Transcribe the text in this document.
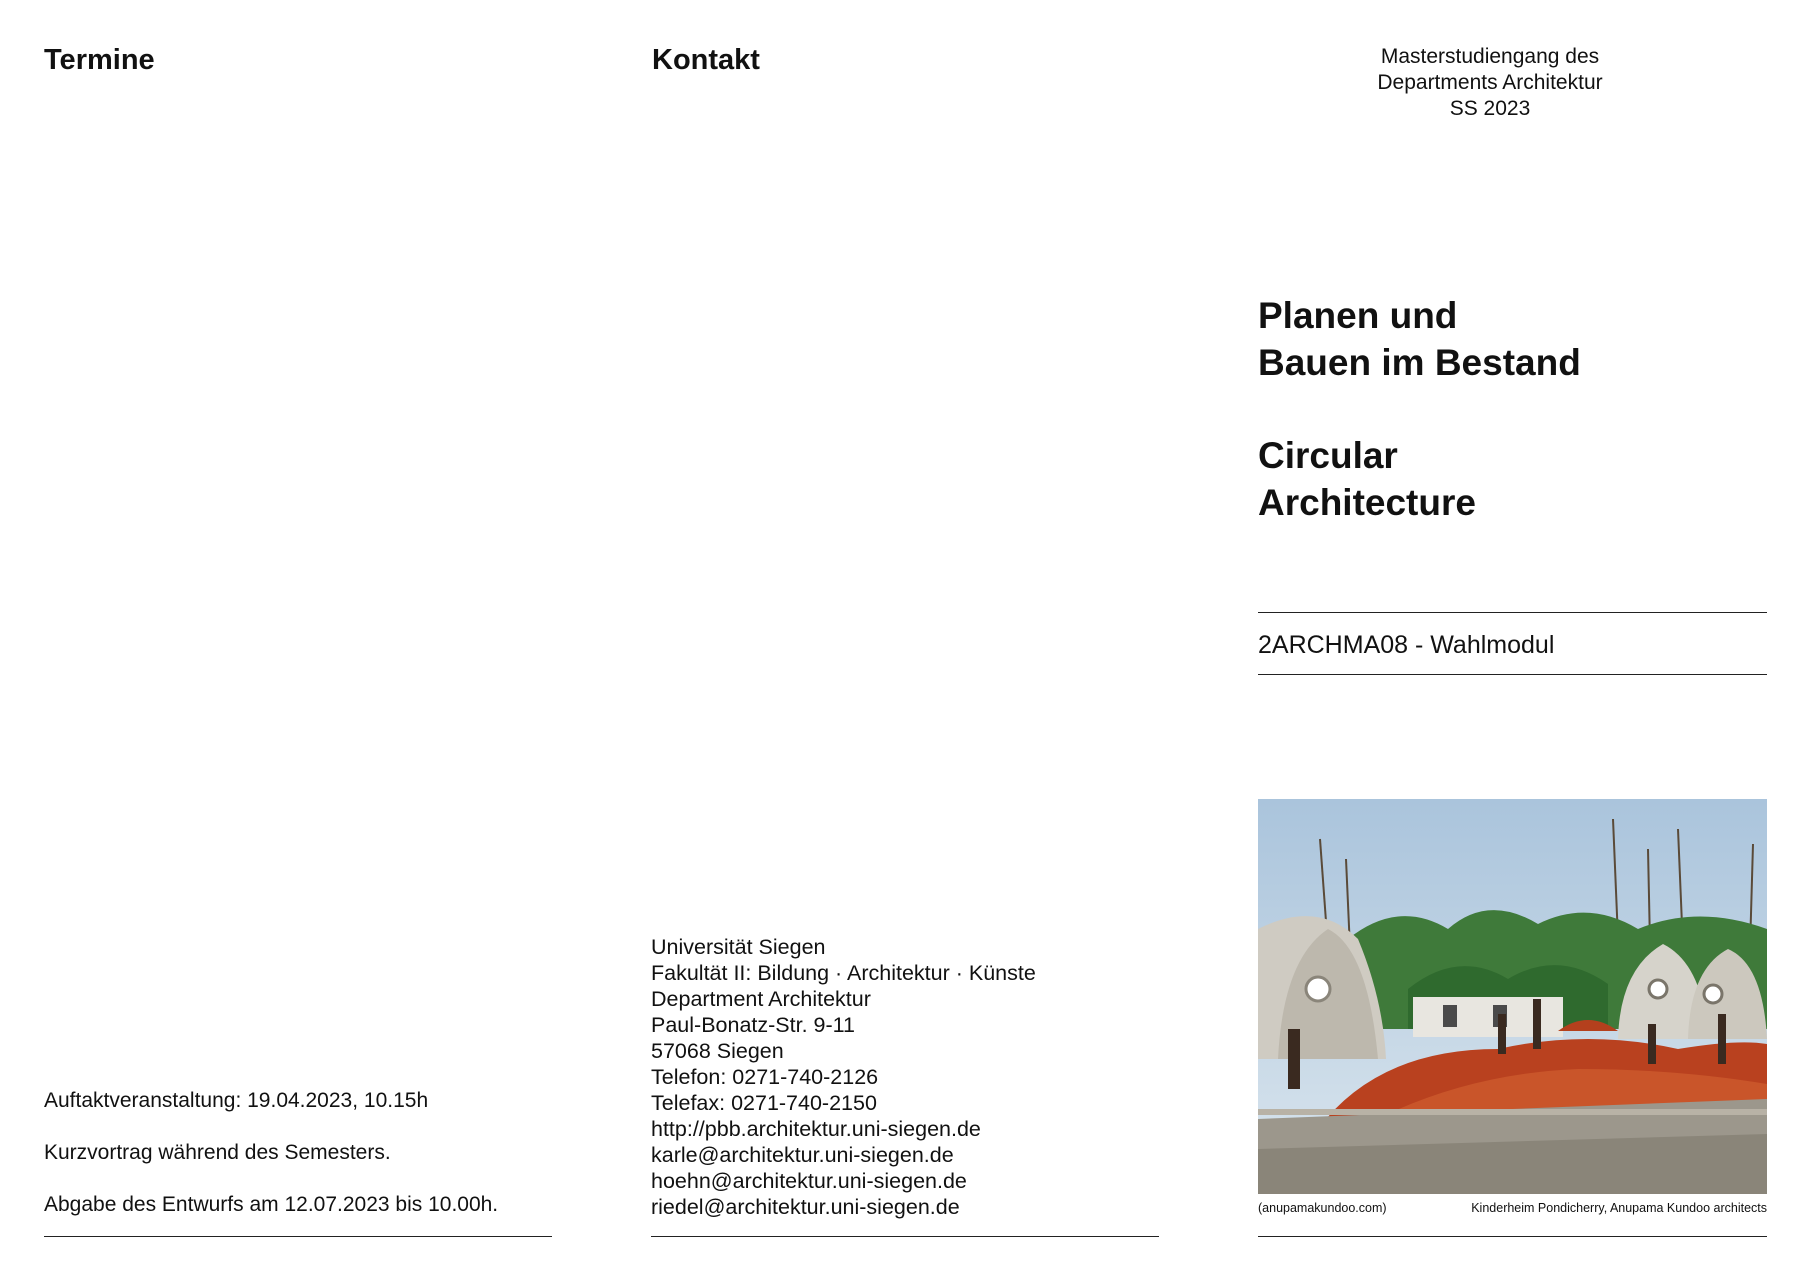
Termine	Kontakt	Masterstudiengang des
Departments Architektur
SS 2023
Planen und
Bauen im Bestand
Circular
Architecture
2ARCHMA08 - Wahlmodul
(anupamakundoo.com)	Kinderheim Pondicherry, Anupama Kundoo architects

Auftaktveranstaltung: 19.04.2023, 10.15h

Kurzvortrag während des Semesters.

Abgabe des Entwurfs am 12.07.2023 bis 10.00h.

Universität Siegen
Fakultät II: Bildung · Architektur · Künste
Department Architektur
Paul-Bonatz-Str. 9-11
57068 Siegen
Telefon: 0271-740-2126
Telefax: 0271-740-2150
http://pbb.architektur.uni-siegen.de
karle@architektur.uni-siegen.de
hoehn@architektur.uni-siegen.de
riedel@architektur.uni-siegen.de
